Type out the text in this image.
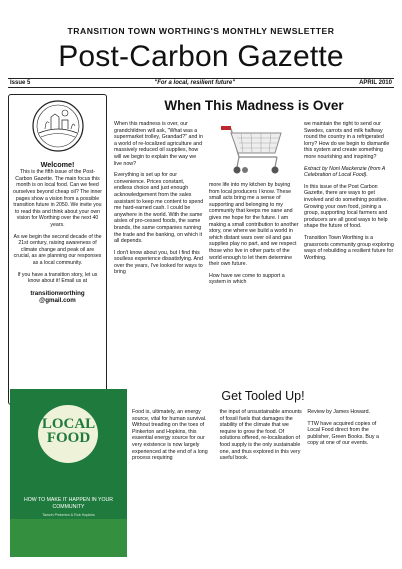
TRANSITION TOWN WORTHING'S MONTHLY NEWSLETTER
Post-Carbon Gazette
Issue 5	"For a local, resilient future"	APRIL 2010
Welcome!

This is the fifth issue of the Post-Carbon Gazette. The main focus this month is on local food. Can we feed ourselves beyond cheap oil? The inner pages show a vision from a possible transition future in 2050. We invite you to read this and think about your own vision for Worthing over the next 40 years.

As we begin the second decade of the 21st century, raising awareness of climate change and peak oil are crucial, as are planning our responses as a local community.

If you have a transition story, let us know about it! Email us at

transitionworthing @gmail.com
When This Madness is Over

When this madness is over, our grandchildren will ask, "What was a supermarket trolley, Grandad?" and in a world of re-localized agriculture and massively reduced oil supplies, how will we begin to explain the way we live now?

Everything is set up for our convenience. Prices constant, endless choice and just enough acknowledgement from the sales assistant to keep me content to spend me hard-earned cash. I could be anywhere in the world. With the same aisles of pro-cessed foods, the same brands, the same companies running the trade and the banking, on which it all depends.

I don't know about you, but I find this soulless experience dissatisfying. And over the years, I've looked for ways to bring

more life into my kitchen by buying from local producers I know. These small acts bring me a sense of supporting and belonging to my community that keeps me sane and gives me hope for the future. I am making a small contribution to another story, one where we build a world in which distant wars over oil and gas supplies play no part, and we respect those who live in other parts of the world enough to let them determine their own future.

How have we come to support a system in which

we maintain the right to send our Swedes, carrots and milk halfway round the country in a refrigerated lorry? How do we begin to dismantle this system and create something more nourishing and inspiring?

Extract by Noni Mackenzie (from A Celebration of Local Food).

In this issue of the Post Carbon Gazette, there are ways to get involved and do something positive. Growing your own food, joining a group, supporting local farmers and producers are all good ways to help shape the future of food.

Transition Town Worthing is a grassroots community group exploring ways of rebuilding a resilient future for Worthing.

LOCAL
FOOD
HOW TO MAKE IT HAPPEN IN YOUR COMMUNITY
Tamzin Pinkerton & Rob Hopkins
Get Tooled Up!

Food is, ultimately, an energy source, vital for human survival. Without treading on the toes of Pinkerton and Hopkins, this essential energy source for our very existence is now largely experienced at the end of a long process requiring

the input of unsustainable amounts of fossil fuels that damages the stability of the climate that we require to grow the food. Of solutions offered, re-localisation of food supply is the only sustainable one, and thus explored in this very useful book.

Review by James Howard.

TTW have acquired copies of Local Food direct from the publisher, Green Books. Buy a copy at one of our events.
